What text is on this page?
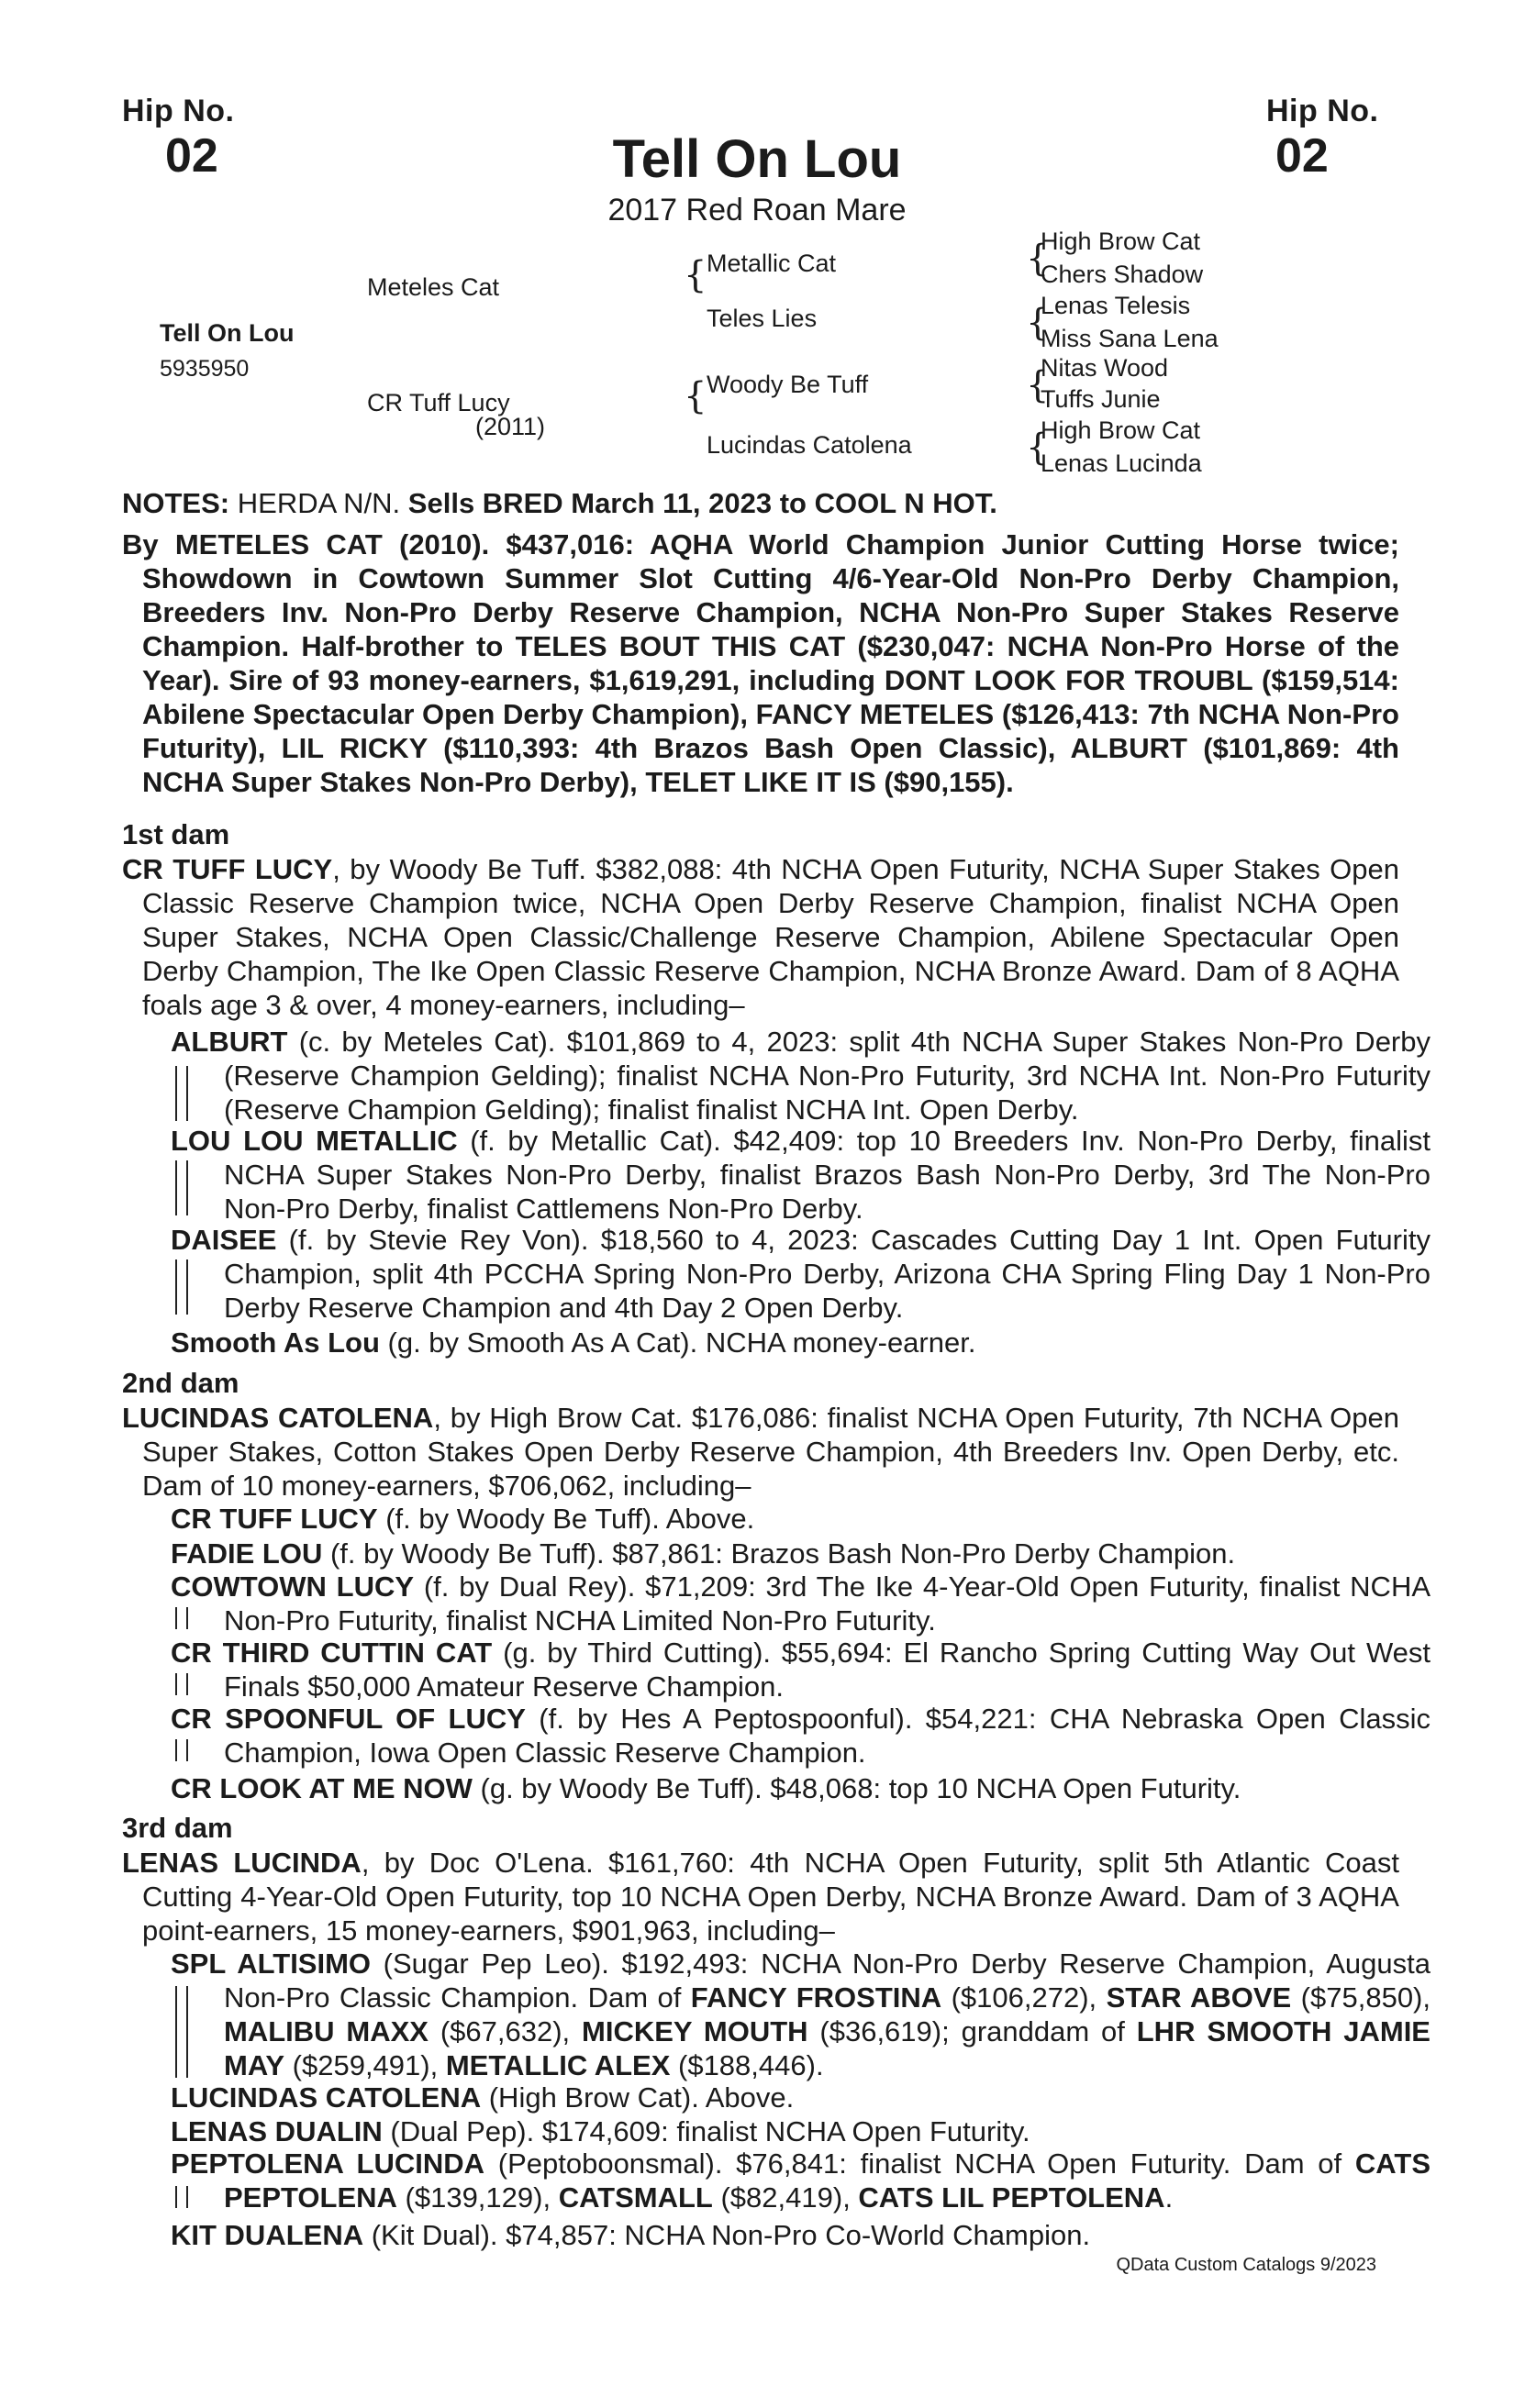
Hip No.
02
Hip No.
02
Tell On Lou
2017 Red Roan Mare
Tell On Lou
5935950
Meteles Cat
CR Tuff Lucy
(2011)
{ Metallic Cat
Teles Lies
{ Woody Be Tuff
Lucindas Catolena
{
High Brow Cat
Chers Shadow
{
Lenas Telesis
Miss Sana Lena
{
Nitas Wood
Tuffs Junie
{
High Brow Cat
Lenas Lucinda
NOTES: HERDA N/N. Sells BRED March 11, 2023 to COOL N HOT.
By METELES CAT (2010). $437,016: AQHA World Champion Junior Cutting Horse twice; Showdown in Cowtown Summer Slot Cutting 4/6-Year-Old Non-Pro Derby Champion, Breeders Inv. Non-Pro Derby Reserve Champion, NCHA Non-Pro Super Stakes Reserve Champion. Half-brother to TELES BOUT THIS CAT ($230,047: NCHA Non-Pro Horse of the Year). Sire of 93 money-earners, $1,619,291, including DONT LOOK FOR TROUBL ($159,514: Abilene Spectacular Open Derby Champion), FANCY METELES ($126,413: 7th NCHA Non-Pro Futurity), LIL RICKY ($110,393: 4th Brazos Bash Open Classic), ALBURT ($101,869: 4th NCHA Super Stakes Non-Pro Derby), TELET LIKE IT IS ($90,155).
1st dam
CR TUFF LUCY, by Woody Be Tuff. $382,088: 4th NCHA Open Futurity, NCHA Super Stakes Open Classic Reserve Champion twice, NCHA Open Derby Reserve Champion, finalist NCHA Open Super Stakes, NCHA Open Classic/Challenge Reserve Champion, Abilene Spectacular Open Derby Champion, The Ike Open Classic Reserve Champion, NCHA Bronze Award. Dam of 8 AQHA foals age 3 & over, 4 money-earners, including–
ALBURT (c. by Meteles Cat). $101,869 to 4, 2023: split 4th NCHA Super Stakes Non-Pro Derby (Reserve Champion Gelding); finalist NCHA Non-Pro Futurity, 3rd NCHA Int. Non-Pro Futurity (Reserve Champion Gelding); finalist finalist NCHA Int. Open Derby.
LOU LOU METALLIC (f. by Metallic Cat). $42,409: top 10 Breeders Inv. Non-Pro Derby, finalist NCHA Super Stakes Non-Pro Derby, finalist Brazos Bash Non-Pro Derby, 3rd The Non-Pro Non-Pro Derby, finalist Cattlemens Non-Pro Derby.
DAISEE (f. by Stevie Rey Von). $18,560 to 4, 2023: Cascades Cutting Day 1 Int. Open Futurity Champion, split 4th PCCHA Spring Non-Pro Derby, Arizona CHA Spring Fling Day 1 Non-Pro Derby Reserve Champion and 4th Day 2 Open Derby.
Smooth As Lou (g. by Smooth As A Cat). NCHA money-earner.
2nd dam
LUCINDAS CATOLENA, by High Brow Cat. $176,086: finalist NCHA Open Futurity, 7th NCHA Open Super Stakes, Cotton Stakes Open Derby Reserve Champion, 4th Breeders Inv. Open Derby, etc. Dam of 10 money-earners, $706,062, including–
CR TUFF LUCY (f. by Woody Be Tuff). Above.
FADIE LOU (f. by Woody Be Tuff). $87,861: Brazos Bash Non-Pro Derby Champion.
COWTOWN LUCY (f. by Dual Rey). $71,209: 3rd The Ike 4-Year-Old Open Futurity, finalist NCHA Non-Pro Futurity, finalist NCHA Limited Non-Pro Futurity.
CR THIRD CUTTIN CAT (g. by Third Cutting). $55,694: El Rancho Spring Cutting Way Out West Finals $50,000 Amateur Reserve Champion.
CR SPOONFUL OF LUCY (f. by Hes A Peptospoonful). $54,221: CHA Nebraska Open Classic Champion, Iowa Open Classic Reserve Champion.
CR LOOK AT ME NOW (g. by Woody Be Tuff). $48,068: top 10 NCHA Open Futurity.
3rd dam
LENAS LUCINDA, by Doc O'Lena. $161,760: 4th NCHA Open Futurity, split 5th Atlantic Coast Cutting 4-Year-Old Open Futurity, top 10 NCHA Open Derby, NCHA Bronze Award. Dam of 3 AQHA point-earners, 15 money-earners, $901,963, including–
SPL ALTISIMO (Sugar Pep Leo). $192,493: NCHA Non-Pro Derby Reserve Champion, Augusta Non-Pro Classic Champion. Dam of FANCY FROSTINA ($106,272), STAR ABOVE ($75,850), MALIBU MAXX ($67,632), MICKEY MOUTH ($36,619); granddam of LHR SMOOTH JAMIE MAY ($259,491), METALLIC ALEX ($188,446).
LUCINDAS CATOLENA (High Brow Cat). Above.
LENAS DUALIN (Dual Pep). $174,609: finalist NCHA Open Futurity.
PEPTOLENA LUCINDA (Peptoboonsmal). $76,841: finalist NCHA Open Futurity. Dam of CATS PEPTOLENA ($139,129), CATSMALL ($82,419), CATS LIL PEPTOLENA.
KIT DUALENA (Kit Dual). $74,857: NCHA Non-Pro Co-World Champion.
QData Custom Catalogs 9/2023
